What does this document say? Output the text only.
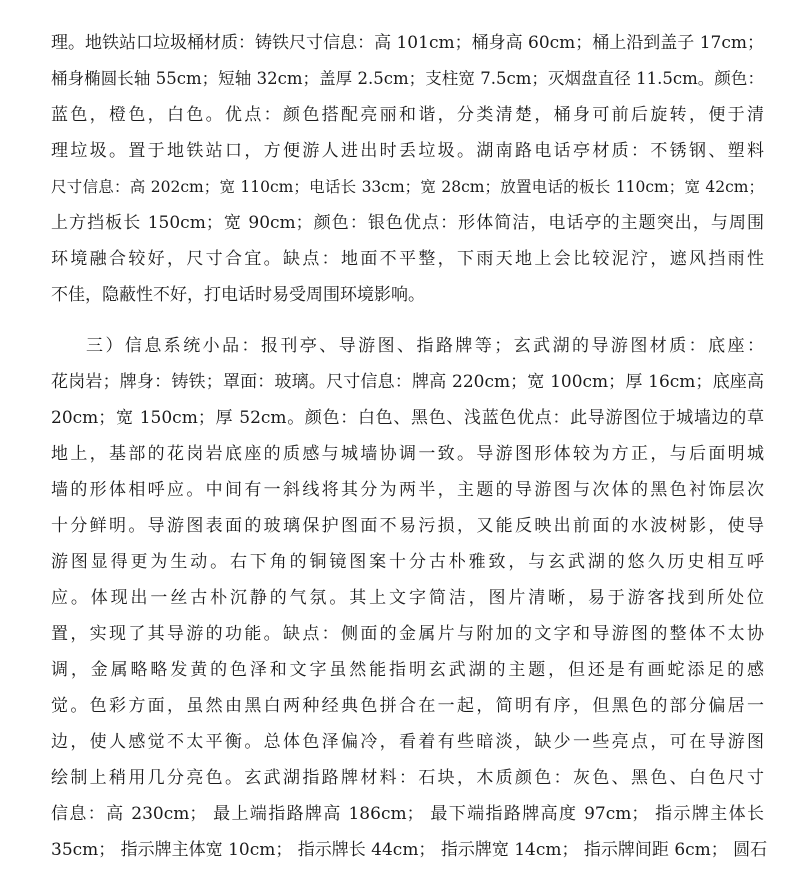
理。地铁站口垃圾桶材质：铸铁尺寸信息：高 101cm；桶身高 60cm；桶上沿到盖子 17cm；
桶身椭圆长轴 55cm；短轴 32cm；盖厚 2.5cm；支柱宽 7.5cm；灭烟盘直径 11.5cm。颜色：
蓝色，橙色，白色。优点：颜色搭配亮丽和谐，分类清楚，桶身可前后旋转，便于清
理垃圾。置于地铁站口，方便游人进出时丢垃圾。湖南路电话亭材质：不锈钢、塑料
尺寸信息：高 202cm；宽 110cm；电话长 33cm；宽 28cm；放置电话的板长 110cm；宽 42cm；
上方挡板长 150cm；宽 90cm；颜色：银色优点：形体简洁，电话亭的主题突出，与周围
环境融合较好，尺寸合宜。缺点：地面不平整，下雨天地上会比较泥泞，遮风挡雨性
不佳，隐蔽性不好，打电话时易受周围环境影响。
三）信息系统小品：报刊亭、导游图、指路牌等；玄武湖的导游图材质：底座：
花岗岩；牌身：铸铁；罩面：玻璃。尺寸信息：牌高 220cm；宽 100cm；厚 16cm；底座高
20cm；宽 150cm；厚 52cm。颜色：白色、黑色、浅蓝色优点：此导游图位于城墙边的草
地上，基部的花岗岩底座的质感与城墙协调一致。导游图形体较为方正，与后面明城
墙的形体相呼应。中间有一斜线将其分为两半，主题的导游图与次体的黑色衬饰层次
十分鲜明。导游图表面的玻璃保护图面不易污损，又能反映出前面的水波树影，使导
游图显得更为生动。右下角的铜镜图案十分古朴雅致，与玄武湖的悠久历史相互呼
应。体现出一丝古朴沉静的气氛。其上文字简洁，图片清晰，易于游客找到所处位
置，实现了其导游的功能。缺点：侧面的金属片与附加的文字和导游图的整体不太协
调，金属略略发黄的色泽和文字虽然能指明玄武湖的主题，但还是有画蛇添足的感
觉。色彩方面，虽然由黑白两种经典色拼合在一起，简明有序，但黑色的部分偏居一
边，使人感觉不太平衡。总体色泽偏冷，看着有些暗淡，缺少一些亮点，可在导游图
绘制上稍用几分亮色。玄武湖指路牌材料：石块，木质颜色：灰色、黑色、白色尺寸
信息：高 230cm； 最上端指路牌高 186cm； 最下端指路牌高度 97cm； 指示牌主体长
35cm； 指示牌主体宽 10cm； 指示牌长 44cm； 指示牌宽 14cm； 指示牌间距 6cm； 圆石
